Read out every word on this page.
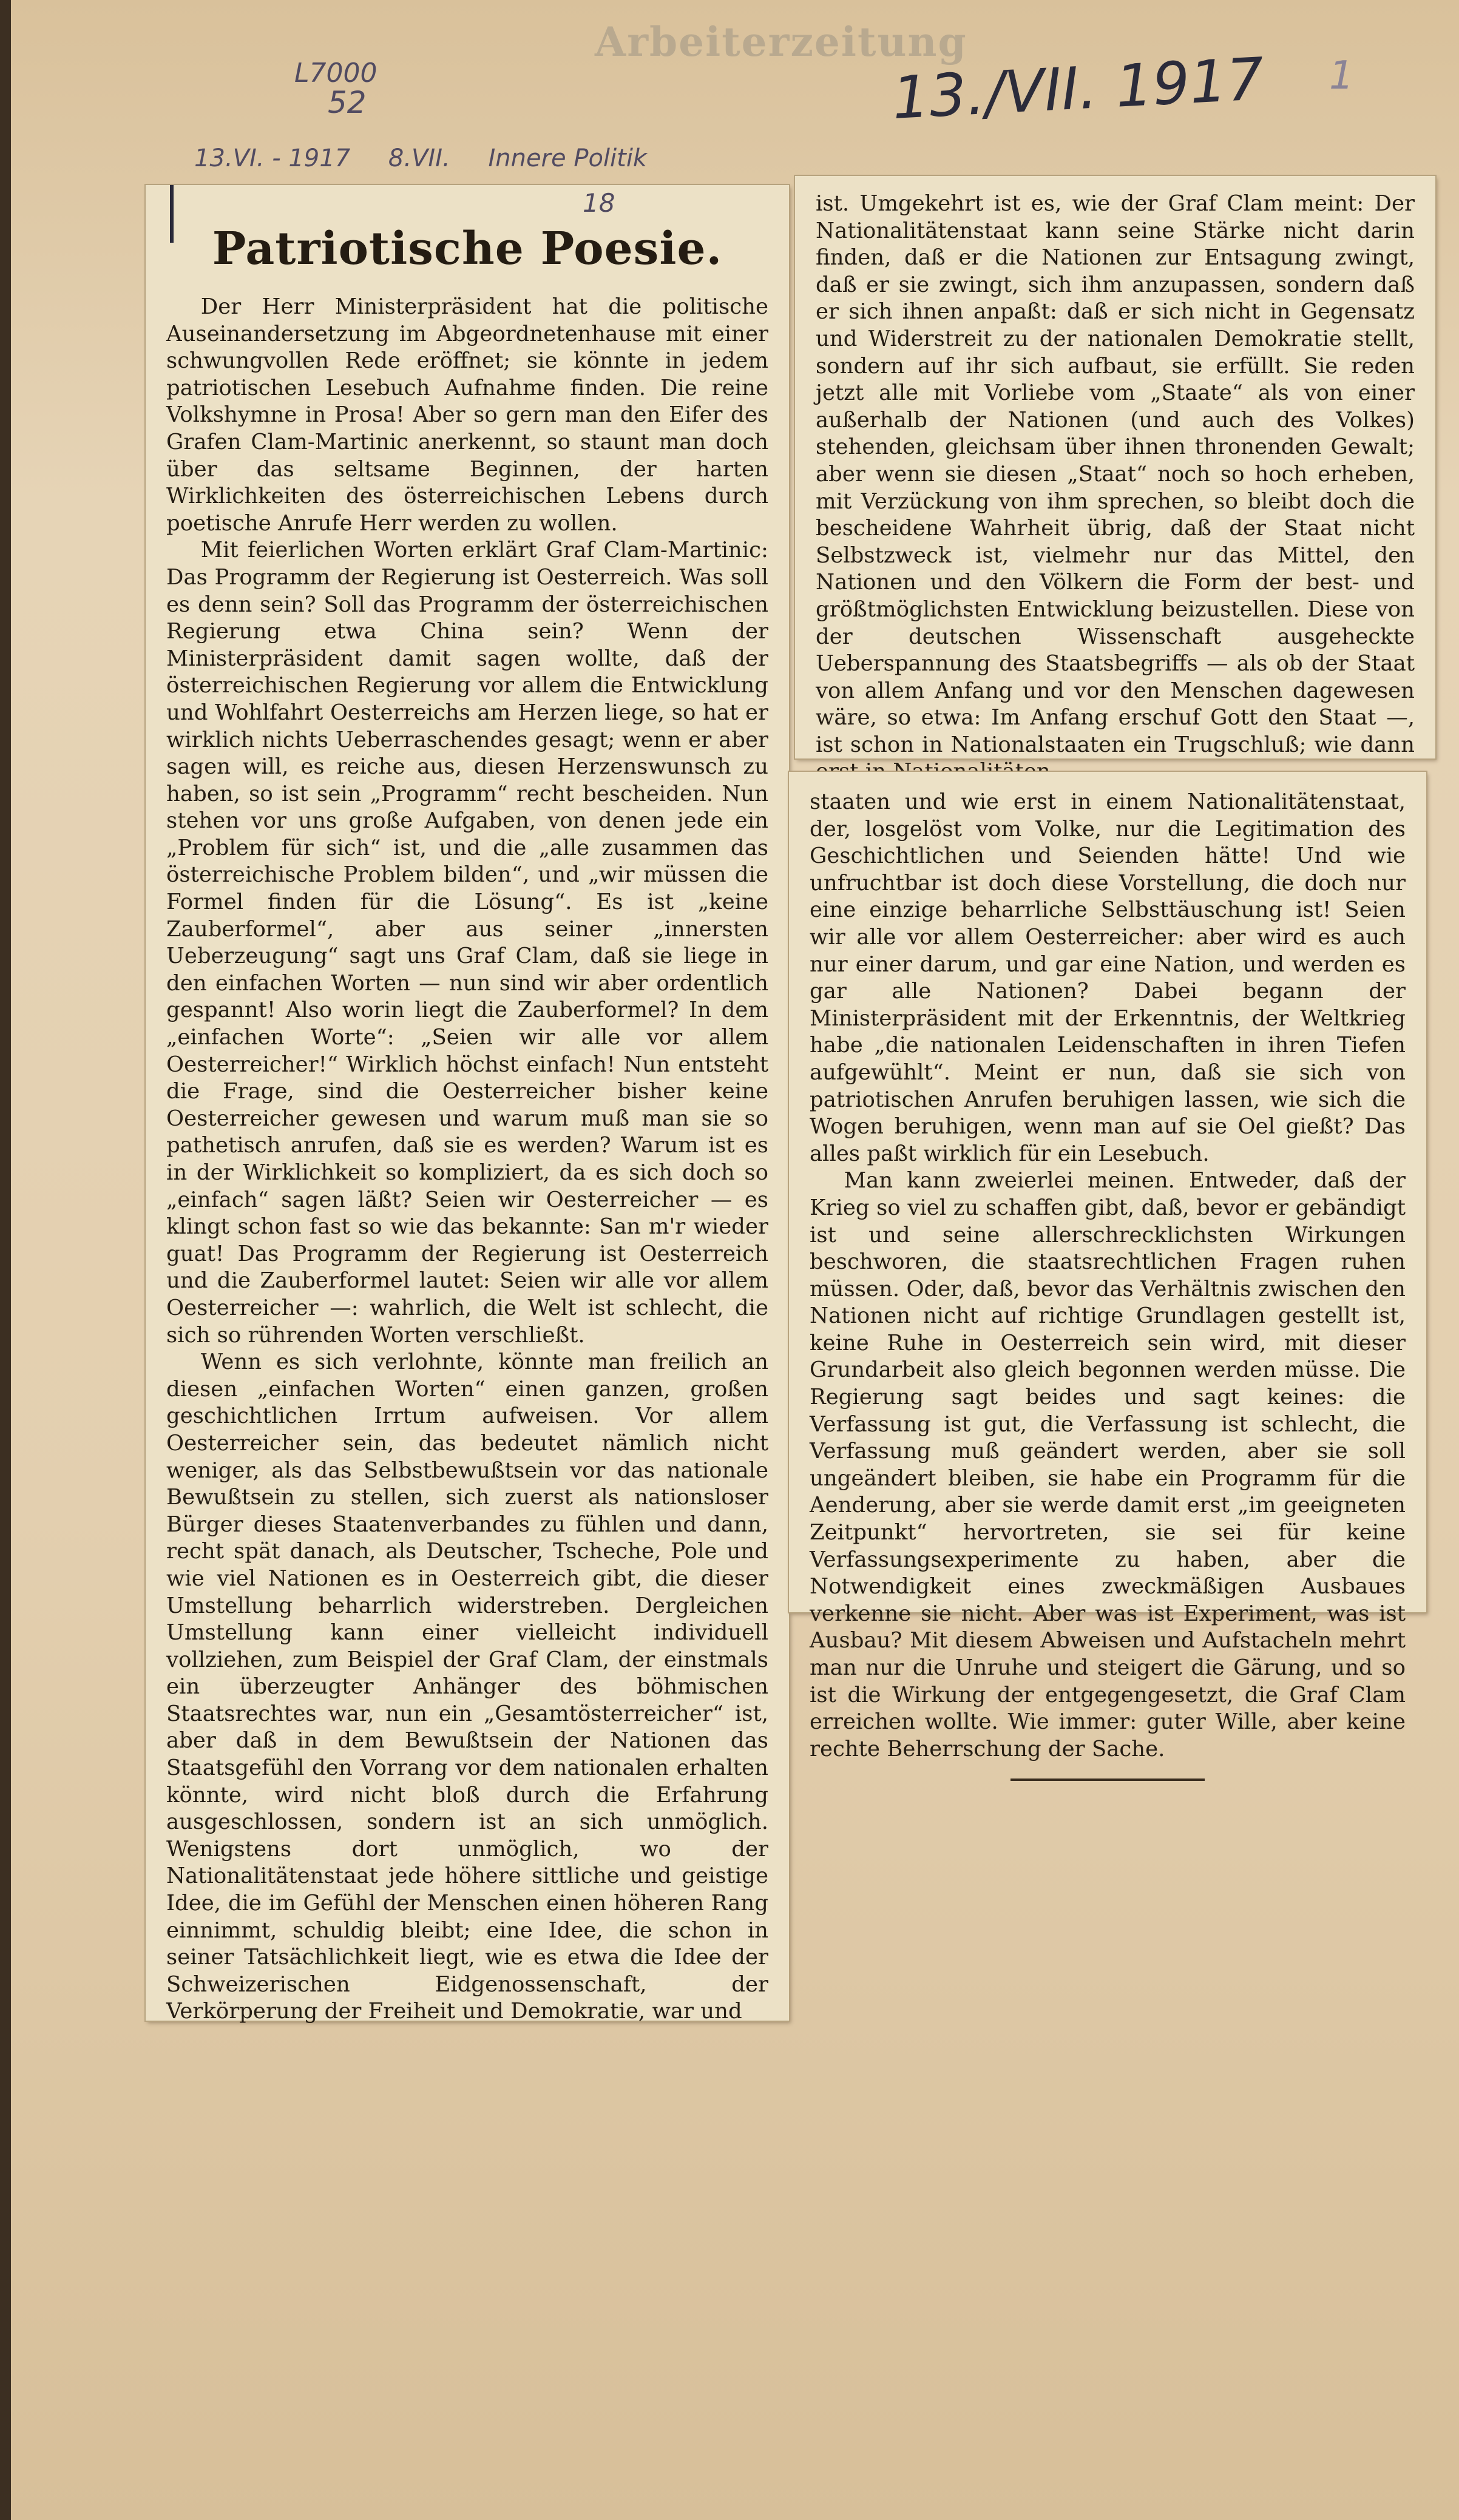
Arbeiterzeitung
13./VII. 1917 1
L7000
52
13.VI. - 1917 8.VII. Innere Politik
Patriotische Poesie.

Der Herr Ministerpräsident hat die politische Auseinandersetzung im Abgeordnetenhause mit einer schwungvollen Rede eröffnet; sie könnte in jedem patriotischen Lesebuch Aufnahme finden. Die reine Volkshymne in Prosa! Aber so gern man den Eifer des Grafen Clam-Martinic anerkennt, so staunt man doch über das seltsame Beginnen, der harten Wirklichkeiten des österreichischen Lebens durch poetische Anrufe Herr werden zu wollen.

Mit feierlichen Worten erklärt Graf Clam-Martinic: Das Programm der Regierung ist Oesterreich. Was soll es denn sein? Soll das Programm der österreichischen Regierung etwa China sein? Wenn der Ministerpräsident damit sagen wollte, daß der österreichischen Regierung vor allem die Entwicklung und Wohlfahrt Oesterreichs am Herzen liege, so hat er wirklich nichts Ueberraschendes gesagt; wenn er aber sagen will, es reiche aus, diesen Herzenswunsch zu haben, so ist sein „Programm“ recht bescheiden. Nun stehen vor uns große Aufgaben, von denen jede ein „Problem für sich“ ist, und die „alle zusammen das österreichische Problem bilden“, und „wir müssen die Formel finden für die Lösung“. Es ist „keine Zauberformel“, aber aus seiner „innersten Ueberzeugung“ sagt uns Graf Clam, daß sie liege in den einfachen Worten — nun sind wir aber ordentlich gespannt! Also worin liegt die Zauberformel? In dem „einfachen Worte“: „Seien wir alle vor allem Oesterreicher!“ Wirklich höchst einfach! Nun entsteht die Frage, sind die Oesterreicher bisher keine Oesterreicher gewesen und warum muß man sie so pathetisch anrufen, daß sie es werden? Warum ist es in der Wirklichkeit so kompliziert, da es sich doch so „einfach“ sagen läßt? Seien wir Oesterreicher — es klingt schon fast so wie das bekannte: San m'r wieder guat! Das Programm der Regierung ist Oesterreich und die Zauberformel lautet: Seien wir alle vor allem Oesterreicher —: wahrlich, die Welt ist schlecht, die sich so rührenden Worten verschließt.

Wenn es sich verlohnte, könnte man freilich an diesen „einfachen Worten“ einen ganzen, großen geschichtlichen Irrtum aufweisen. Vor allem Oesterreicher sein, das bedeutet nämlich nicht weniger, als das Selbstbewußtsein vor das nationale Bewußtsein zu stellen, sich zuerst als nationsloser Bürger dieses Staatenverbandes zu fühlen und dann, recht spät danach, als Deutscher, Tscheche, Pole und wie viel Nationen es in Oesterreich gibt, die dieser Umstellung beharrlich widerstreben. Dergleichen Umstellung kann einer vielleicht individuell vollziehen, zum Beispiel der Graf Clam, der einstmals ein überzeugter Anhänger des böhmischen Staatsrechtes war, nun ein „Gesamtösterreicher“ ist, aber daß in dem Bewußtsein der Nationen das Staatsgefühl den Vorrang vor dem nationalen erhalten könnte, wird nicht bloß durch die Erfahrung ausgeschlossen, sondern ist an sich unmöglich. Wenigstens dort unmöglich, wo der Nationalitätenstaat jede höhere sittliche und geistige Idee, die im Gefühl der Menschen einen höheren Rang einnimmt, schuldig bleibt; eine Idee, die schon in seiner Tatsächlichkeit liegt, wie es etwa die Idee der Schweizerischen Eidgenossenschaft, der Verkörperung der Freiheit und Demokratie, war und

18	ist. Umgekehrt ist es, wie der Graf Clam meint: Der Nationalitätenstaat kann seine Stärke nicht darin finden, daß er die Nationen zur Entsagung zwingt, daß er sie zwingt, sich ihm anzupassen, sondern daß er sich ihnen anpaßt: daß er sich nicht in Gegensatz und Widerstreit zu der nationalen Demokratie stellt, sondern auf ihr sich aufbaut, sie erfüllt. Sie reden jetzt alle mit Vorliebe vom „Staate“ als von einer außerhalb der Nationen (und auch des Volkes) stehenden, gleichsam über ihnen thronenden Gewalt; aber wenn sie diesen „Staat“ noch so hoch erheben, mit Verzückung von ihm sprechen, so bleibt doch die bescheidene Wahrheit übrig, daß der Staat nicht Selbstzweck ist, vielmehr nur das Mittel, den Nationen und den Völkern die Form der best- und größtmöglichsten Entwicklung beizustellen. Diese von der deutschen Wissenschaft ausgeheckte Ueberspannung des Staatsbegriffs — als ob der Staat von allem Anfang und vor den Menschen dagewesen wäre, so etwa: Im Anfang erschuf Gott den Staat —, ist schon in Nationalstaaten ein Trugschluß; wie dann

staaten und wie erst in einem Nationalitätenstaat, der, losgelöst vom Volke, nur die Legitimation des Geschichtlichen und Seienden hätte! Und wie unfruchtbar ist doch diese Vorstellung, die doch nur eine einzige beharrliche Selbsttäuschung ist! Seien wir alle vor allem Oesterreicher: aber wird es auch nur einer darum, und gar eine Nation, und werden es gar alle Nationen? Dabei begann der Ministerpräsident mit der Erkenntnis, der Weltkrieg habe „die nationalen Leidenschaften in ihren Tiefen aufgewühlt“. Meint er nun, daß sie sich von patriotischen Anrufen beruhigen lassen, wie sich die Wogen beruhigen, wenn man auf sie Oel gießt? Das alles paßt wirklich für ein Lesebuch.

Man kann zweierlei meinen. Entweder, daß der Krieg so viel zu schaffen gibt, daß, bevor er gebändigt ist und seine allerschrecklichsten Wirkungen beschworen, die staatsrechtlichen Fragen ruhen müssen. Oder, daß, bevor das Verhältnis zwischen den Nationen nicht auf richtige Grundlagen gestellt ist, keine Ruhe in Oesterreich sein wird, mit dieser Grundarbeit also gleich begonnen werden müsse. Die Regierung sagt beides und sagt keines: die Verfassung ist gut, die Verfassung ist schlecht, die Verfassung muß geändert werden, aber sie soll ungeändert bleiben, sie habe ein Programm für die Aenderung, aber sie werde damit erst „im geeigneten Zeitpunkt“ hervortreten, sie sei für keine Verfassungsexperimente zu haben, aber die Notwendigkeit eines zweckmäßigen Ausbaues verkenne sie nicht. Aber was ist Experiment, was ist Ausbau? Mit diesem Abweisen und Aufstacheln mehrt man nur die Unruhe und steigert die Gärung, und so ist die Wirkung der entgegengesetzt, die Graf Clam erreichen wollte. Wie immer: guter Wille, aber keine rechte Beherrschung der Sache.
